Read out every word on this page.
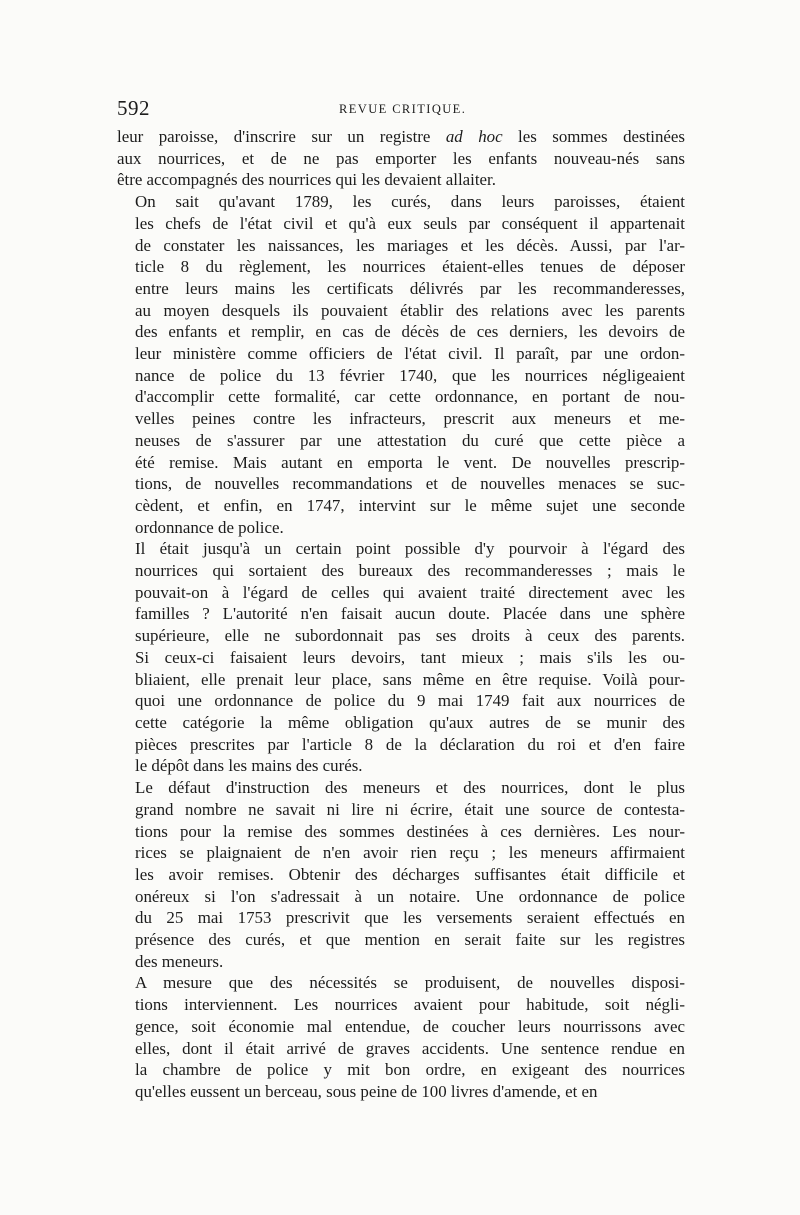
592	REVUE CRITIQUE.

leur paroisse, d'inscrire sur un registre ad hoc les sommes destinées
aux nourrices, et de ne pas emporter les enfants nouveau-nés sans
être accompagnés des nourrices qui les devaient allaiter.

On sait qu'avant 1789, les curés, dans leurs paroisses, étaient
les chefs de l'état civil et qu'à eux seuls par conséquent il appartenait
de constater les naissances, les mariages et les décès. Aussi, par l'ar-
ticle 8 du règlement, les nourrices étaient-elles tenues de déposer
entre leurs mains les certificats délivrés par les recommanderesses,
au moyen desquels ils pouvaient établir des relations avec les parents
des enfants et remplir, en cas de décès de ces derniers, les devoirs de
leur ministère comme officiers de l'état civil. Il paraît, par une ordon-
nance de police du 13 février 1740, que les nourrices négligeaient
d'accomplir cette formalité, car cette ordonnance, en portant de nou-
velles peines contre les infracteurs, prescrit aux meneurs et me-
neuses de s'assurer par une attestation du curé que cette pièce a
été remise. Mais autant en emporta le vent. De nouvelles prescrip-
tions, de nouvelles recommandations et de nouvelles menaces se suc-
cèdent, et enfin, en 1747, intervint sur le même sujet une seconde
ordonnance de police.

Il était jusqu'à un certain point possible d'y pourvoir à l'égard des
nourrices qui sortaient des bureaux des recommanderesses ; mais le
pouvait-on à l'égard de celles qui avaient traité directement avec les
familles ? L'autorité n'en faisait aucun doute. Placée dans une sphère
supérieure, elle ne subordonnait pas ses droits à ceux des parents.
Si ceux-ci faisaient leurs devoirs, tant mieux ; mais s'ils les ou-
bliaient, elle prenait leur place, sans même en être requise. Voilà pour-
quoi une ordonnance de police du 9 mai 1749 fait aux nourrices de
cette catégorie la même obligation qu'aux autres de se munir des
pièces prescrites par l'article 8 de la déclaration du roi et d'en faire
le dépôt dans les mains des curés.

Le défaut d'instruction des meneurs et des nourrices, dont le plus
grand nombre ne savait ni lire ni écrire, était une source de contesta-
tions pour la remise des sommes destinées à ces dernières. Les nour-
rices se plaignaient de n'en avoir rien reçu ; les meneurs affirmaient
les avoir remises. Obtenir des décharges suffisantes était difficile et
onéreux si l'on s'adressait à un notaire. Une ordonnance de police
du 25 mai 1753 prescrivit que les versements seraient effectués en
présence des curés, et que mention en serait faite sur les registres
des meneurs.

A mesure que des nécessités se produisent, de nouvelles disposi-
tions interviennent. Les nourrices avaient pour habitude, soit négli-
gence, soit économie mal entendue, de coucher leurs nourrissons avec
elles, dont il était arrivé de graves accidents. Une sentence rendue en
la chambre de police y mit bon ordre, en exigeant des nourrices
qu'elles eussent un berceau, sous peine de 100 livres d'amende, et en
